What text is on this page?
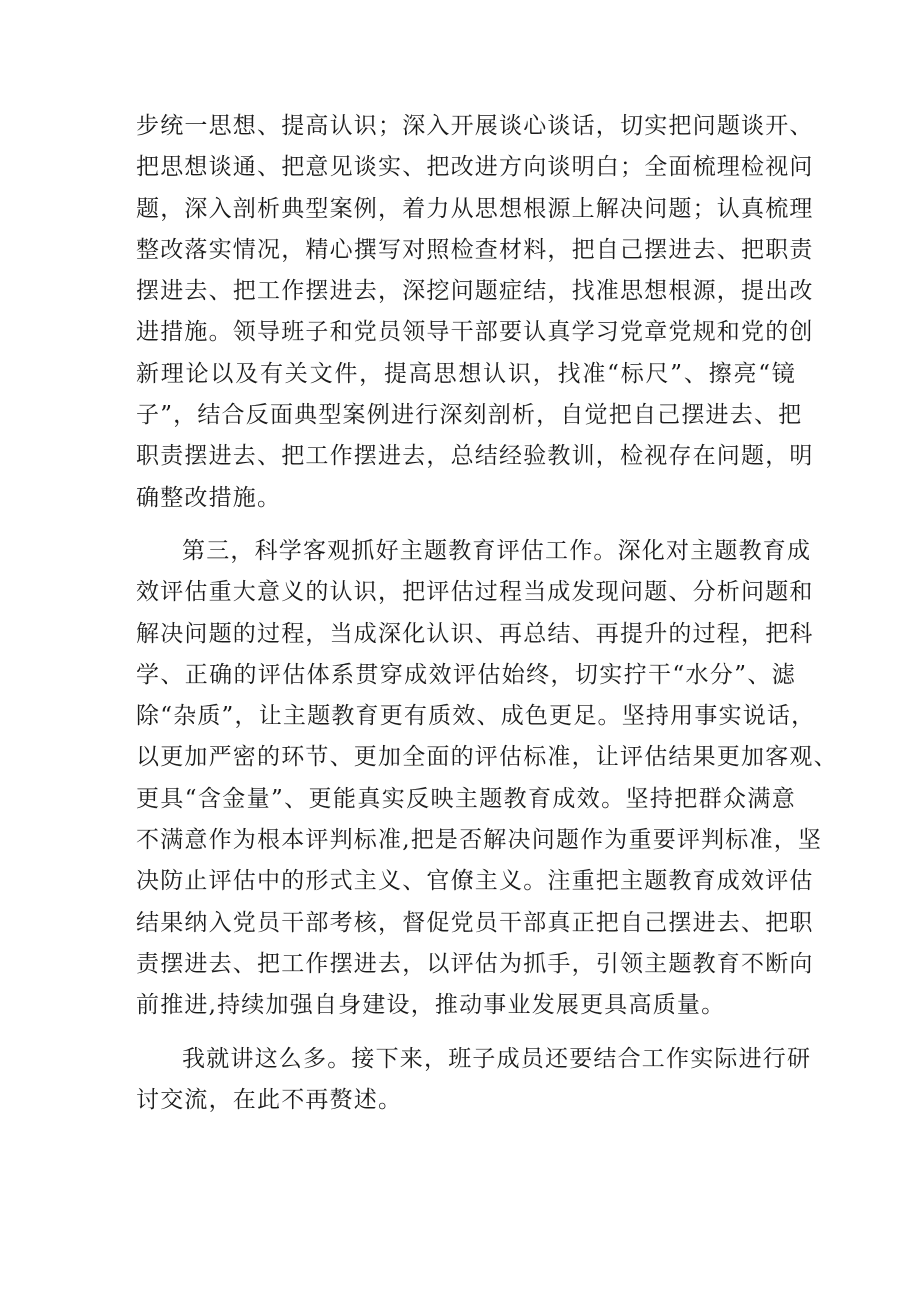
步统一思想、提高认识；深入开展谈心谈话，切实把问题谈开、
把思想谈通、把意见谈实、把改进方向谈明白；全面梳理检视问
题，深入剖析典型案例，着力从思想根源上解决问题；认真梳理
整改落实情况，精心撰写对照检查材料，把自己摆进去、把职责
摆进去、把工作摆进去，深挖问题症结，找准思想根源，提出改
进措施。领导班子和党员领导干部要认真学习党章党规和党的创
新理论以及有关文件，提高思想认识，找准“标尺”、擦亮“镜
子”，结合反面典型案例进行深刻剖析，自觉把自己摆进去、把
职责摆进去、把工作摆进去，总结经验教训，检视存在问题，明
确整改措施。
第三，科学客观抓好主题教育评估工作。深化对主题教育成
效评估重大意义的认识，把评估过程当成发现问题、分析问题和
解决问题的过程，当成深化认识、再总结、再提升的过程，把科
学、正确的评估体系贯穿成效评估始终，切实拧干“水分”、滤
除“杂质”，让主题教育更有质效、成色更足。坚持用事实说话，
以更加严密的环节、更加全面的评估标准，让评估结果更加客观、
更具“含金量”、更能真实反映主题教育成效。坚持把群众满意
不满意作为根本评判标准,把是否解决问题作为重要评判标准，坚
决防止评估中的形式主义、官僚主义。注重把主题教育成效评估
结果纳入党员干部考核，督促党员干部真正把自己摆进去、把职
责摆进去、把工作摆进去，以评估为抓手，引领主题教育不断向
前推进,持续加强自身建设，推动事业发展更具高质量。
我就讲这么多。接下来，班子成员还要结合工作实际进行研
讨交流，在此不再赘述。
